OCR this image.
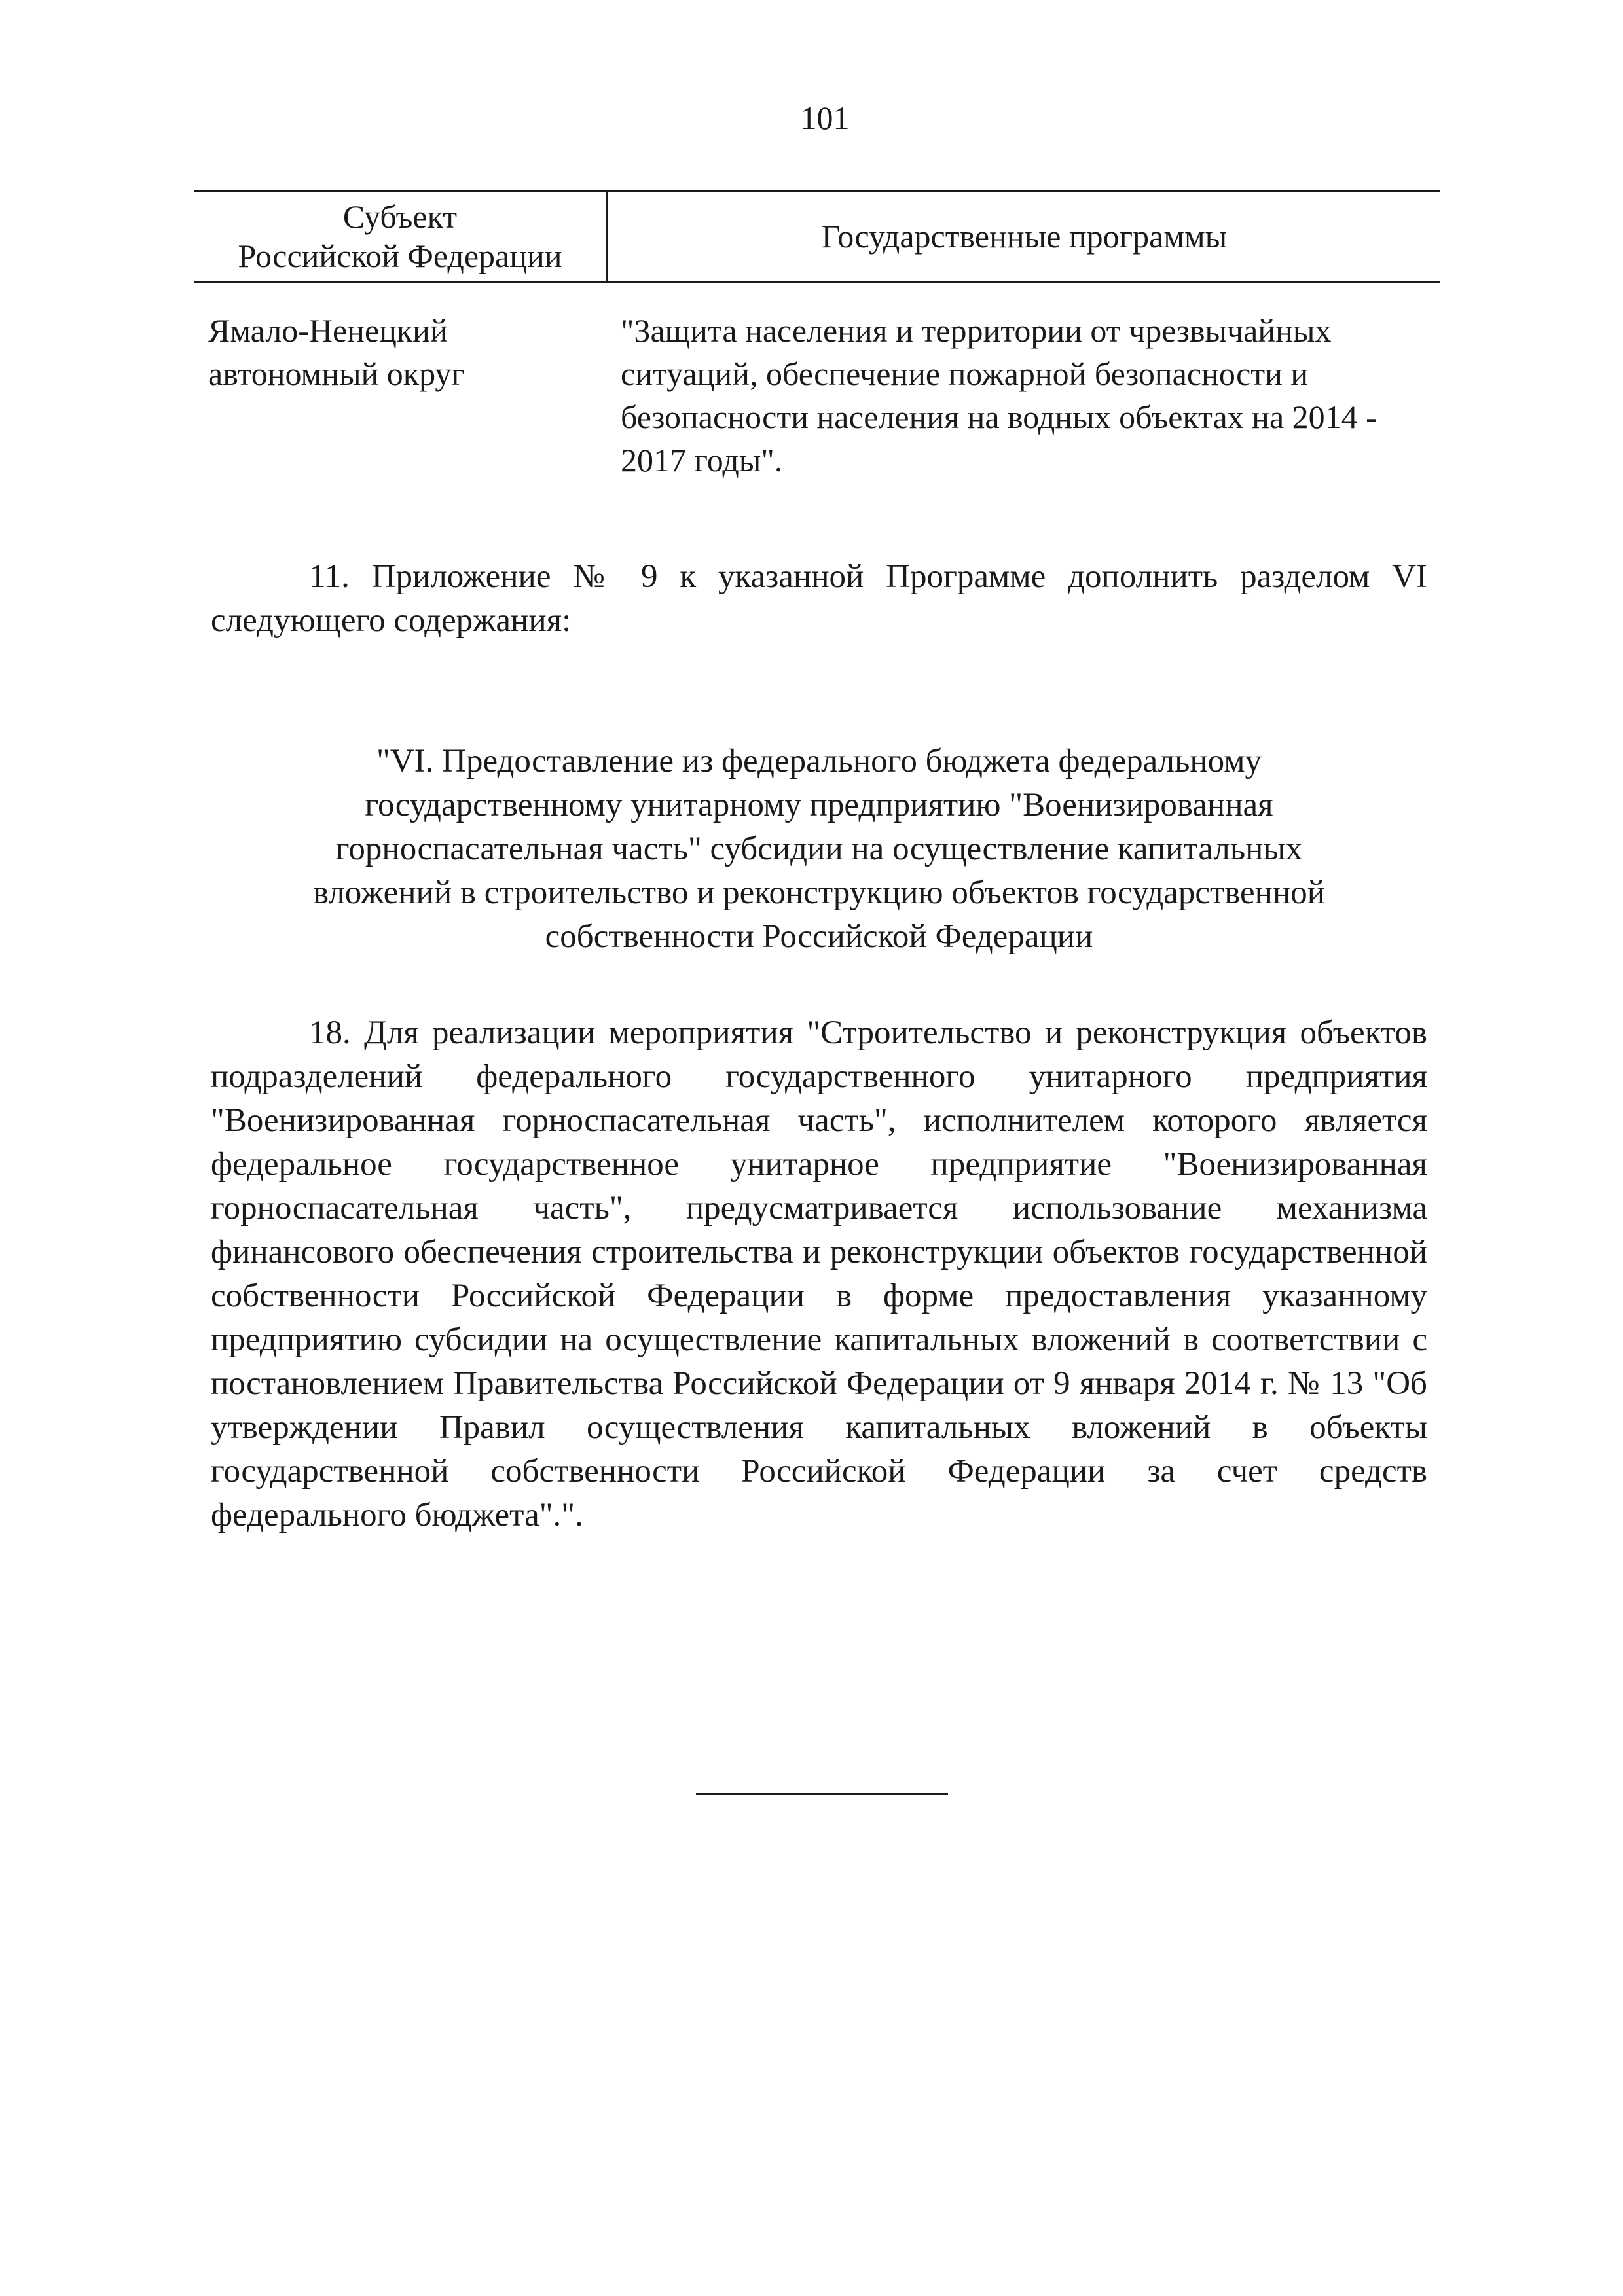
101
Субъект
Российской Федерации
Государственные программы
Ямало-Ненецкий
автономный округ
"Защита населения и территории от чрезвычайных ситуаций, обеспечение пожарной безопасности и безопасности населения на водных объектах на 2014 - 2017 годы".
11. Приложение № 9 к указанной Программе дополнить разделом VI следующего содержания:
"VI. Предоставление из федерального бюджета федеральному
государственному унитарному предприятию "Военизированная
горноспасательная часть" субсидии на осуществление капитальных
вложений в строительство и реконструкцию объектов государственной
собственности Российской Федерации
18. Для реализации мероприятия "Строительство и реконструкция объектов подразделений федерального государственного унитарного предприятия "Военизированная горноспасательная часть", исполнителем которого является федеральное государственное унитарное предприятие "Военизированная горноспасательная часть", предусматривается использование механизма финансового обеспечения строительства и реконструкции объектов государственной собственности Российской Федерации в форме предоставления указанному предприятию субсидии на осуществление капитальных вложений в соответствии с постановлением Правительства Российской Федерации от 9 января 2014 г. № 13 "Об утверждении Правил осуществления капитальных вложений в объекты государственной собственности Российской Федерации за счет средств федерального бюджета".".
